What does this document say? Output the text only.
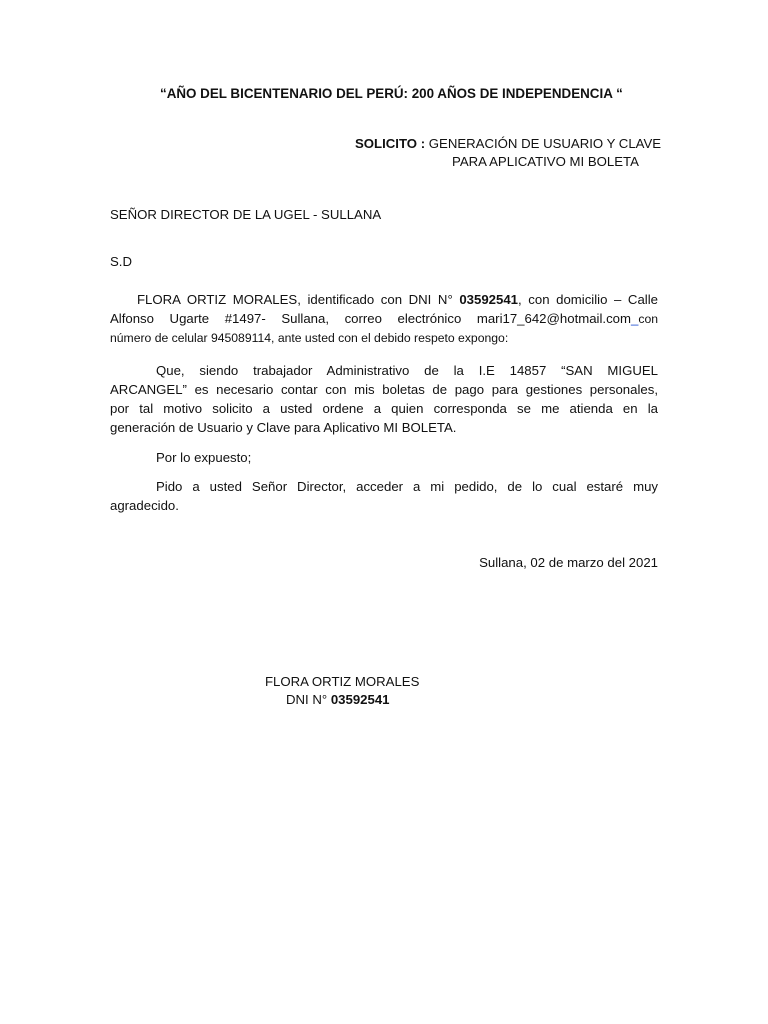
“AÑO DEL BICENTENARIO DEL PERÚ: 200 AÑOS DE INDEPENDENCIA “
SOLICITO : GENERACIÓN DE USUARIO Y CLAVE
PARA APLICATIVO MI BOLETA
SEÑOR DIRECTOR DE LA UGEL - SULLANA
S.D
FLORA ORTIZ MORALES, identificado con DNI N° 03592541, con domicilio – Calle
Alfonso Ugarte #1497- Sullana, correo electrónico mari17_642@hotmail.com_con
número de celular 945089114, ante usted con el debido respeto expongo:
Que, siendo trabajador Administrativo de la I.E 14857 “SAN MIGUEL
ARCANGEL” es necesario contar con mis boletas de pago para gestiones personales,
por tal motivo solicito a usted ordene a quien corresponda se me atienda en la
generación de Usuario y Clave para Aplicativo MI BOLETA.
Por lo expuesto;
Pido a usted Señor Director, acceder a mi pedido, de lo cual estaré muy
agradecido.
Sullana, 02 de marzo del 2021
FLORA ORTIZ MORALES
DNI N° 03592541
